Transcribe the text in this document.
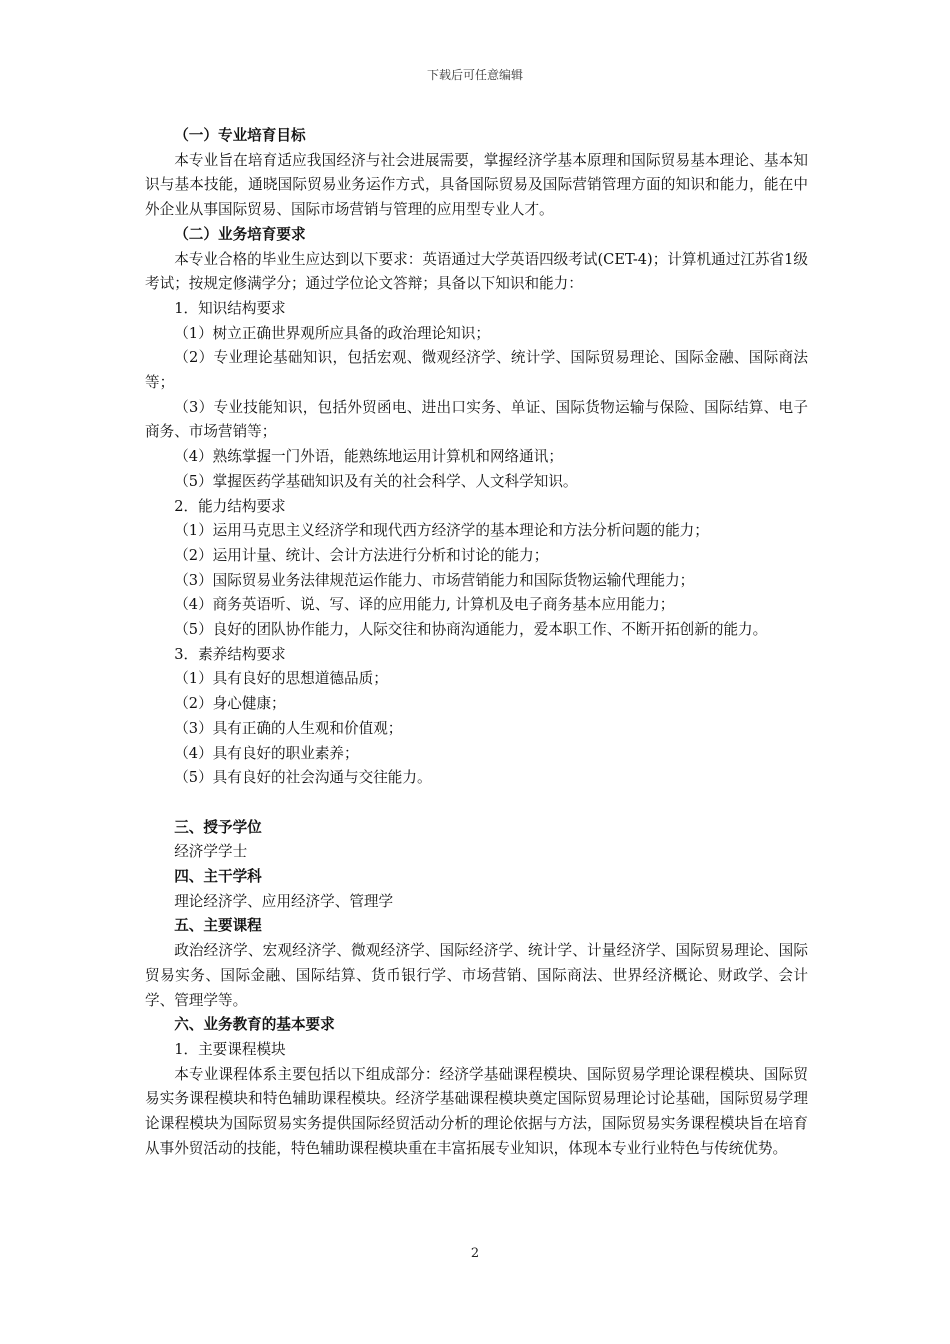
下载后可任意编辑

（一）专业培育目标

本专业旨在培育适应我国经济与社会进展需要，掌握经济学基本原理和国际贸易基本理论、基本知识与基本技能，通晓国际贸易业务运作方式，具备国际贸易及国际营销管理方面的知识和能力，能在中外企业从事国际贸易、国际市场营销与管理的应用型专业人才。

（二）业务培育要求

本专业合格的毕业生应达到以下要求：英语通过大学英语四级考试(CET-4)；计算机通过江苏省1级考试；按规定修满学分；通过学位论文答辩；具备以下知识和能力：

1．知识结构要求

（1）树立正确世界观所应具备的政治理论知识；

（2）专业理论基础知识，包括宏观、微观经济学、统计学、国际贸易理论、国际金融、国际商法等；

（3）专业技能知识，包括外贸函电、进出口实务、单证、国际货物运输与保险、国际结算、电子商务、市场营销等；

（4）熟练掌握一门外语，能熟练地运用计算机和网络通讯；

（5）掌握医药学基础知识及有关的社会科学、人文科学知识。

2．能力结构要求

（1）运用马克思主义经济学和现代西方经济学的基本理论和方法分析问题的能力；

（2）运用计量、统计、会计方法进行分析和讨论的能力；

（3）国际贸易业务法律规范运作能力、市场营销能力和国际货物运输代理能力；

（4）商务英语听、说、写、译的应用能力, 计算机及电子商务基本应用能力；

（5）良好的团队协作能力，人际交往和协商沟通能力，爱本职工作、不断开拓创新的能力。

3．素养结构要求

（1）具有良好的思想道德品质；

（2）身心健康；

（3）具有正确的人生观和价值观；

（4）具有良好的职业素养；

（5）具有良好的社会沟通与交往能力。

三、授予学位

经济学学士

四、主干学科

理论经济学、应用经济学、管理学

五、主要课程

政治经济学、宏观经济学、微观经济学、国际经济学、统计学、计量经济学、国际贸易理论、国际贸易实务、国际金融、国际结算、货币银行学、市场营销、国际商法、世界经济概论、财政学、会计学、管理学等。

六、业务教育的基本要求

1．主要课程模块

本专业课程体系主要包括以下组成部分：经济学基础课程模块、国际贸易学理论课程模块、国际贸易实务课程模块和特色辅助课程模块。经济学基础课程模块奠定国际贸易理论讨论基础，国际贸易学理论课程模块为国际贸易实务提供国际经贸活动分析的理论依据与方法，国际贸易实务课程模块旨在培育从事外贸活动的技能，特色辅助课程模块重在丰富拓展专业知识，体现本专业行业特色与传统优势。

2
